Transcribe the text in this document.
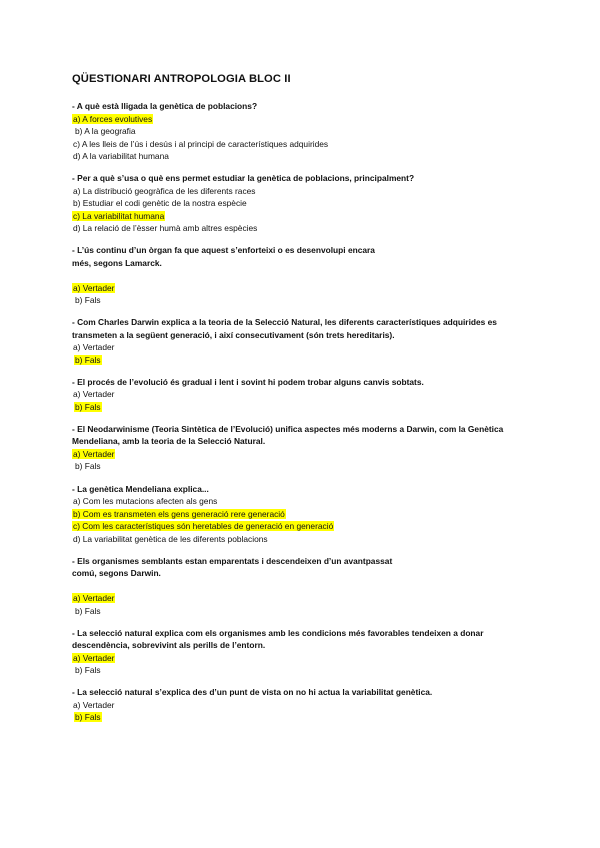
QÜESTIONARI ANTROPOLOGIA BLOC II
- A què està lligada la genètica de poblacions?
a) A forces evolutives
b) A la geografia
c) A les lleis de l’ús i desús i al principi de característiques adquirides
d) A la variabilitat humana
- Per a què s’usa o què ens permet estudiar la genètica de poblacions, principalment?
a) La distribució geogràfica de les diferents races
b) Estudiar el codi genètic de la nostra espècie
c) La variabilitat humana
d) La relació de l’èsser humà amb altres espècies
- L’ús continu d’un òrgan fa que aquest s’enforteixi o es desenvolupi encara
més, segons Lamarck.
a) Vertader
b) Fals
- Com Charles Darwin explica a la teoria de la Selecció Natural, les diferents característiques adquirides es
transmeten a la següent generació, i així consecutivament (són trets hereditaris).
a) Vertader
b) Fals
- El procés de l’evolució és gradual i lent i sovint hi podem trobar alguns canvis sobtats.
a) Vertader
b) Fals
- El Neodarwinisme (Teoria Sintètica de l’Evolució) unifica aspectes més moderns a Darwin, com la Genètica
Mendeliana, amb la teoria de la Selecció Natural.
a) Vertader
b) Fals
- La genètica Mendeliana explica...
a) Com les mutacions afecten als gens
b) Com es transmeten els gens generació rere generació
c) Com les característiques són heretables de generació en generació
d) La variabilitat genètica de les diferents poblacions
- Els organismes semblants estan emparentats i descendeixen d’un avantpassat
comú, segons Darwin.
a) Vertader
b) Fals
- La selecció natural explica com els organismes amb les condicions més favorables tendeixen a donar
descendència, sobrevivint als perills de l’entorn.
a) Vertader
b) Fals
- La selecció natural s’explica des d’un punt de vista on no hi actua la variabilitat genètica.
a) Vertader
b) Fals
